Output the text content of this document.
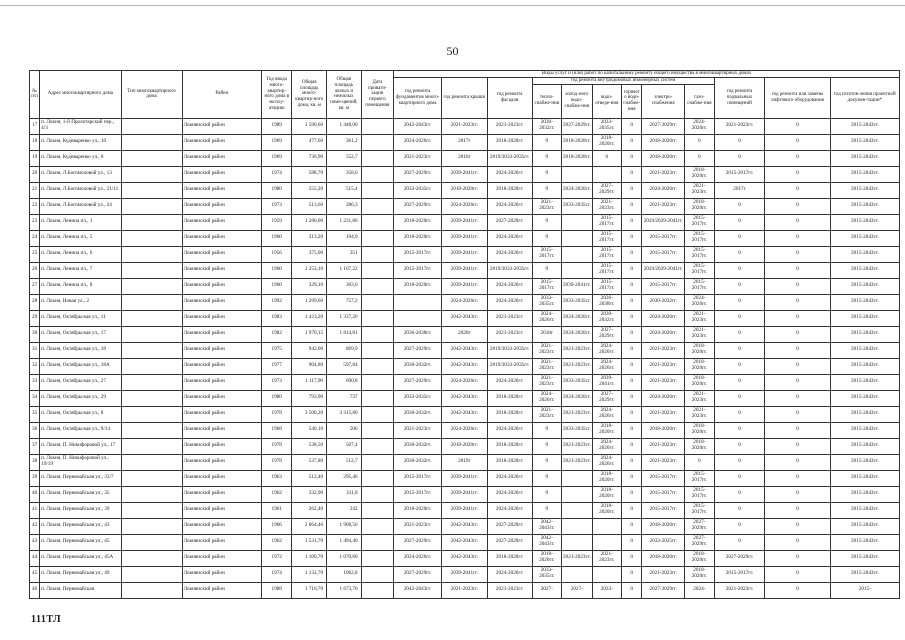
50
№ п/п	Адрес многоквартирного дома	Тип многоквартирного дома	Район	Год ввода много-квартир-ного дома в эксплу-атацию	Общая площадь много-квартир-ного дома, кв. м	Общая площадь жилых и нежилых поме-щений, кв. м	Дата привати-зации первого помещения	Виды услуг и (или) работ по капитальному ремонту общего имущества в многоквартирных домах											
								год ремонта фундаментов много-квартирного дома	год ремонта крыши	год ремонта фасадов	год ремонта внутридомовых инженерных систем						год ремонта подвальных помещений	год ремонта или замены лифтового оборудования	год изготов-ления проектной докумен-тации*
											тепло-снабже-ния	холод-ного водо-снабже-ния	водо-отведе-ния	горячего водо-снабже-ния	электро-снабжения	газо-снабже-ния			
17	п. Локня, 1-й Пролетарский пер., 4/3		Локнянский район	1989	1 590,60	1 448,00		2042-2043гг.	2021-2023гг.	2021-2023гг.	2030-2032гг.	2027-2029гг.	2033-2035гг.	0	2027-2029гг.	2024-2026гг.	2021-2023гг.	0	2015-2043гг.
18	п. Локня, Кудиваренко ул., 10		Локнянский район	1969	477,60	361,2		2024-2026гг.	2017г	2018-2020гг.	0	2018-2020гг.	2018-2020гг.	0	2018-2020гг.	0	0	0	2015-2043гг.
19	п. Локня, Кудиваренко ул., 8		Локнянский район	1969	736,90	552,7		2021-2023гг.	2016г	2019/2033-2035гг.	0	2018-2020гг.	0	0	2018-2020гг.	0	0	0	2015-2043гг.
20	п. Локня, Л.Богомоловой ул., 13		Локнянский район	1974	588,70	358,6		2027-2029гг.	2039-2041гг.	2024-2026гг.	0			0	2021-2023гг.	2018-2020гг.	2015-2017гг.	0	2015-2043гг.
21	п. Локня, Л.Богомоловой ул., 21/11		Локнянский район	1980	555,20	515,4		2033-2035гг.	2018-2020гг.	2018-2020гг.	0	2024-2026гг.	2027-2029гг.	0	2024-2026гг.	2021-2023гг.	2017г	0	2015-2043гг.
22	п. Локня, Л.Богомоловой ул., 24		Локнянский район	1973	513,60	286,3		2027-2029гг.	2024-2026гг.	2024-2026гг.	2021-2023гг.	2033-2035гг.	2021-2023гг.	0	2021-2023гг.	2018-2020гг.	0	0	2015-2043гг.
23	п. Локня, Ленина пл., 1		Локнянский район	1959	1 286,00	1 231,86		2018-2020гг.	2039-2041гг.	2027-2029гг.	0		2015-2017гг.	0	2019/2039-2041гг.	2015-2017гг.	0	0	2015-2043гг.
24	п. Локня, Ленина пл., 5		Локнянский район	1960	313,20	194,9		2018-2020гг.	2039-2041гг.	2024-2026гг.	0		2015-2017гг.	0	2015-2017гг.	2015-2017гг.	0	0	2015-2043гг.
25	п. Локня, Ленина пл., 6		Локнянский район	1956	375,00	351		2015-2017гг.	2039-2041гг.	2024-2026гг.	2015-2017гг.		2015-2017гг.	0	2015-2017гг.	2015-2017гг.	0	0	2015-2043гг.
26	п. Локня, Ленина пл., 7		Локнянский район	1960	1 253,10	1 167,22		2015-2017гг.	2039-2041гг.	2019/2033-2035гг.	0		2015-2017гг.	0	2019/2039-2041гг.	2015-2017гг.	0	0	2015-2043гг.
27	п. Локня, Ленина пл., 8		Локнянский район	1960	329,10	303,6		2018-2020гг.	2039-2041гг.	2024-2026гг.	2015-2017гг.	2039-2041гг.	2015-2017гг.	0	2015-2017гг.	2015-2017гг.	0	0	2015-2043гг.
28	п. Локня, Новая ул., 2		Локнянский район	1992	1 299,60	757,2			2024-2026гг.	2024-2026гг.	2033-2035гг.	2033-2035гг.	2036-2038гг.	0	2030-2032гг.	2024-2026гг.	0	0	2015-2043гг.
29	п. Локня, Октябрьская ул., 11		Локнянский район	1983	1 423,20	1 337,20			2042-2043гг.	2021-2023гг.	2024-2026гг.	2024-2026гг.	2030-2032гг.	0	2024-2026гг.	2021-2023гг.	0	0	2015-2043гг.
30	п. Локня, Октябрьская ул., 17		Локнянский район	1982	1 970,15	1 814,81		2036-2038гг.	2020г	2021-2023гг.	2018г	2024-2026гг.	2027-2029гг.	0	2024-2026гг.	2021-2023гг.	0	0	2015-2043гг.
31	п. Локня, Октябрьская ул., 18		Локнянский район	1975	942,00	869,9		2027-2029гг.	2042-2043гг.	2019/2033-2035гг.	2021-2023гг.	2021-2023гг.	2024-2026гг.	0	2021-2023гг.	2018-2020гг.	0	0	2015-2043гг.
32	п. Локня, Октябрьская ул., 18А		Локнянский район	1977	904,80	597,84		2030-2032гг.	2042-2043гг.	2019/2033-2035гг.	2021-2023гг.	2021-2023гг.	2024-2026гг.	0	2021-2023гг.	2018-2020гг.	0	0	2015-2043гг.
33	п. Локня, Октябрьская ул., 27		Локнянский район	1973	1 117,90	690,8		2027-2029гг.	2024-2026гг.	2024-2026гг.	2021-2023гг.	2033-2035гг.	2039-2041гг.	0	2021-2023гг.	2018-2020гг.	0	0	2015-2043гг.
34	п. Локня, Октябрьская ул., 29		Локнянский район	1980	793,90	737		2033-2035гг.	2042-2043гг.	2018-2020гг.	2024-2026гг.	2024-2026гг.	2027-2029гг.	0	2024-2026гг.	2021-2023гг.	0	0	2015-2043гг.
35	п. Локня, Октябрьская ул., 8		Локнянский район	1978	3 500,20	3 315,80		2030-2032гг.	2042-2043гг.	2018-2020гг.	2021-2023гг.	2021-2023гг.	2024-2026гг.	0	2021-2023гг.	2021-2023гг.	0	0	2015-2043гг.
36	п. Локня, Октябрьская ул., 9/14		Локнянский район	1968	540,10	506		2021-2023гг.	2024-2026гг.	2024-2026гг.	0	2033-2035гг.	2018-2020гг.	0	2018-2020гг.	2018-2020гг.	0	0	2015-2043гг.
37	п. Локня, П. Никифоровой ул., 17		Локнянский район	1978	538,50	507,4		2030-2032гг.	2018-2020гг.	2018-2020гг.	0	2021-2023гг.	2024-2026гг.	0	2021-2023гг.	2018-2020гг.	0	0	2015-2043гг.
38	п. Локня, П. Никифоровой ул., 19/19		Локнянский район	1978	537,80	512,7		2030-2032гг.	2019г	2018-2020гг.	0	2021-2023гг.	2024-2026гг.	0	2021-2023гг.	0	0	0	2015-2043гг.
39	п. Локня, Первомайская ул., 33/7		Локнянский район	1963	512,40	295,46		2015-2017гг.	2039-2041гг.	2024-2026гг.	0		2018-2020гг.	0	2015-2017гг.	2015-2017гг.	0	0	2015-2043гг.
40	п. Локня, Первомайская ул., 35		Локнянский район	1962	332,90	311,8		2015-2017гг.	2039-2041гг.	2024-2026гг.	0		2018-2020гг.	0	2015-2017гг.	2015-2017гг.	0	0	2015-2043гг.
41	п. Локня, Первомайская ул., 39		Локнянский район	1961	262,40	242		2018-2020гг.	2039-2041гг.	2024-2026гг.	0		2018-2020гг.	0	2015-2017гг.	2015-2017гг.	0	0	2015-2043гг.
42	п. Локня, Первомайская ул., 43		Локнянский район	1966	2 064,46	1 908,56		2021-2023гг.	2042-2043гг.	2027-2029гг.	2042-2043гг.			0	2018-2020гг.	2027-2029гг.	0	0	2015-2043гг.
43	п. Локня, Первомайская ул., 45		Локнянский район	1962	1 531,70	1 494,40		2027-2029гг.	2042-2043гг.	2027-2029гг.	2042-2043гг.			0	2033-2035гг.	2027-2029гг.	0	0	2015-2043гг.
44	п. Локня, Первомайская ул., 45А		Локнянский район	1972	1 100,70	1 070,60		2024-2026гг.	2042-2043гг.	2018-2020гг.	2018-2020гг.	2021-2023гг.	2021-2023гг.	0	2018-2020гг.	2018-2020гг.	2027-2029гг.	0	2015-2043гг.
45	п. Локня, Первомайская ул., 49		Локнянский район	1974	1 132,70	1062,8		2027-2029гг.	2039-2041гг.	2024-2026гг.	2033-2035гг.			0	2021-2023гг.	2018-2020гг.	2015-2017гг.	0	2015-2043гг.
46	п. Локня, Первомайская		Локнянский район	1988	1 716,70	1 673,70		2042-2043гг.	2021-2023гг.	2021-2023гг.	2027-	2027-	2033-	0	2027-2029гг.	2024-	2021-2023гг.	0	2015-
111ТЛ
